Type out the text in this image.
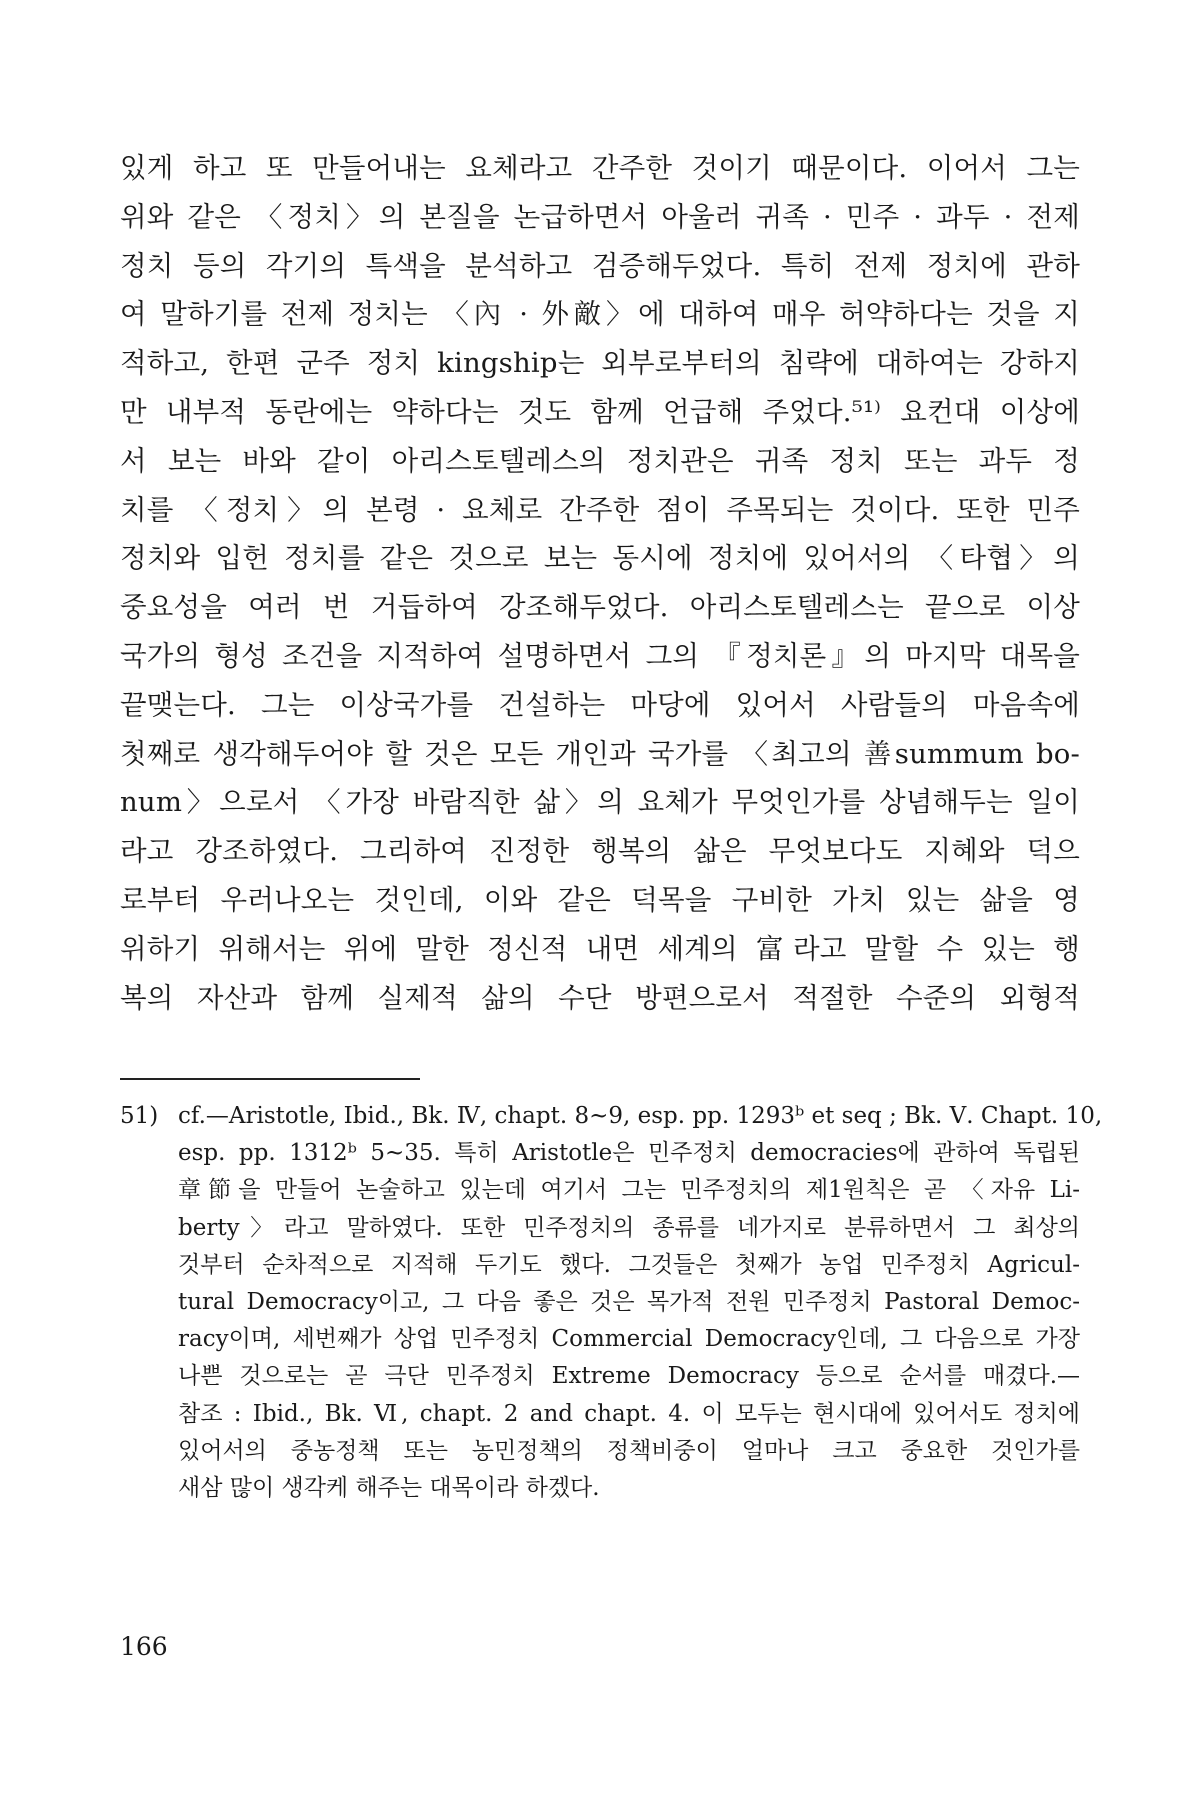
있게 하고 또 만들어내는 요체라고 간주한 것이기 때문이다. 이어서 그는
위와 같은 〈정치〉의 본질을 논급하면서 아울러 귀족 · 민주 · 과두 · 전제
정치 등의 각기의 특색을 분석하고 검증해두었다. 특히 전제 정치에 관하
여 말하기를 전제 정치는 〈內 · 外敵〉에 대하여 매우 허약하다는 것을 지
적하고, 한편 군주 정치 kingship는 외부로부터의 침략에 대하여는 강하지
만 내부적 동란에는 약하다는 것도 함께 언급해 주었다.⁵¹⁾ 요컨대 이상에
서 보는 바와 같이 아리스토텔레스의 정치관은 귀족 정치 또는 과두 정
치를 〈정치〉의 본령 · 요체로 간주한 점이 주목되는 것이다. 또한 민주
정치와 입헌 정치를 같은 것으로 보는 동시에 정치에 있어서의 〈타협〉의
중요성을 여러 번 거듭하여 강조해두었다. 아리스토텔레스는 끝으로 이상
국가의 형성 조건을 지적하여 설명하면서 그의 『정치론』의 마지막 대목을
끝맺는다. 그는 이상국가를 건설하는 마당에 있어서 사람들의 마음속에
첫째로 생각해두어야 할 것은 모든 개인과 국가를 〈최고의 善summum bo-
num〉으로서 〈가장 바람직한 삶〉의 요체가 무엇인가를 상념해두는 일이
라고 강조하였다. 그리하여 진정한 행복의 삶은 무엇보다도 지혜와 덕으
로부터 우러나오는 것인데, 이와 같은 덕목을 구비한 가치 있는 삶을 영
위하기 위해서는 위에 말한 정신적 내면 세계의 富라고 말할 수 있는 행
복의 자산과 함께 실제적 삶의 수단 방편으로서 적절한 수준의 외형적
51) cf.—Aristotle, Ibid., Bk. Ⅳ, chapt. 8~9, esp. pp. 1293ᵇ et seq ; Bk. Ⅴ. Chapt. 10,
esp. pp. 1312ᵇ 5~35. 특히 Aristotle은 민주정치 democracies에 관하여 독립된
章節을 만들어 논술하고 있는데 여기서 그는 민주정치의 제1원칙은 곧 〈자유 Li-
berty〉라고 말하였다. 또한 민주정치의 종류를 네가지로 분류하면서 그 최상의
것부터 순차적으로 지적해 두기도 했다. 그것들은 첫째가 농업 민주정치 Agricul-
tural Democracy이고, 그 다음 좋은 것은 목가적 전원 민주정치 Pastoral Democ-
racy이며, 세번째가 상업 민주정치 Commercial Democracy인데, 그 다음으로 가장
나쁜 것으로는 곧 극단 민주정치 Extreme Democracy 등으로 순서를 매겼다.—
참조 : Ibid., Bk. Ⅵ, chapt. 2 and chapt. 4. 이 모두는 현시대에 있어서도 정치에
있어서의 중농정책 또는 농민정책의 정책비중이 얼마나 크고 중요한 것인가를
새삼 많이 생각케 해주는 대목이라 하겠다.
166
